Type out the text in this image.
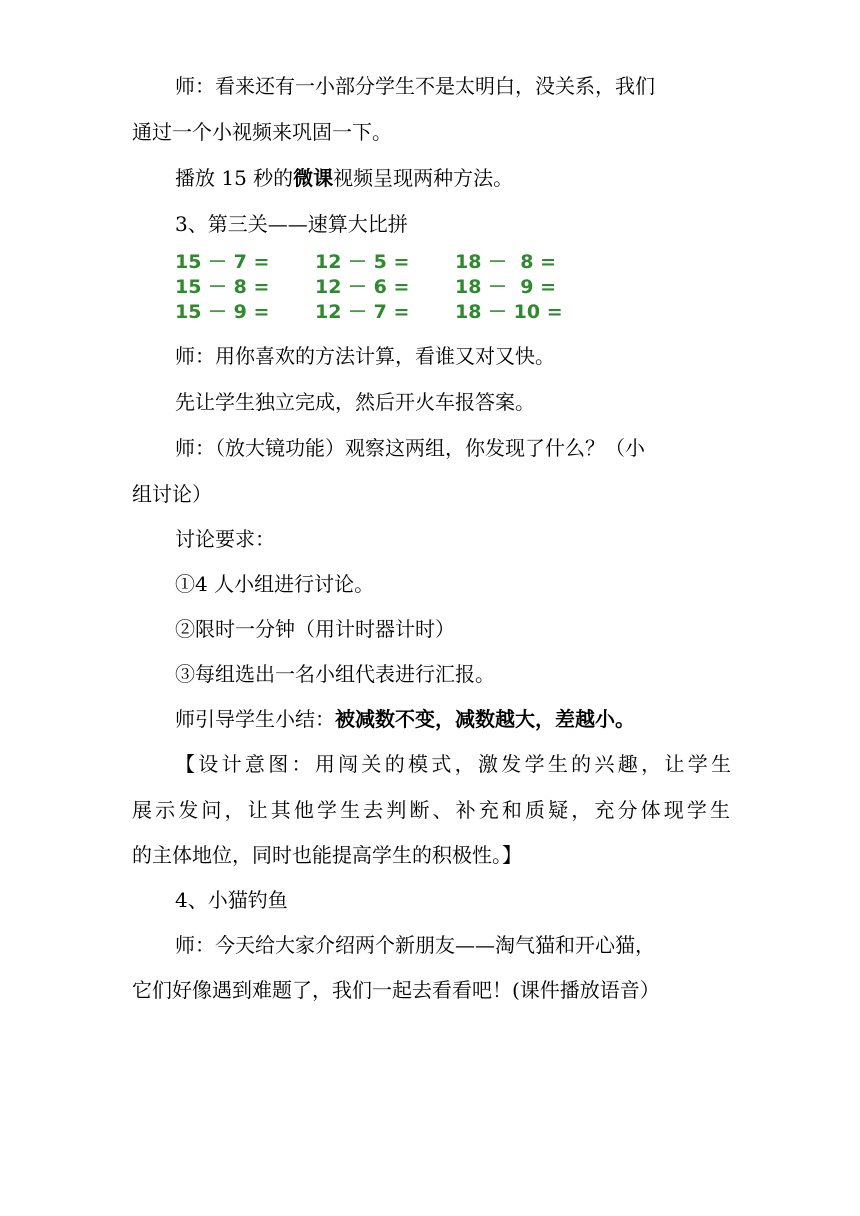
师：看来还有一小部分学生不是太明白，没关系，我们
通过一个小视频来巩固一下。
播放 15 秒的微课视频呈现两种方法。
3、第三关——速算大比拼
15 － 7 =
15 － 8 =
15 － 9 =
12 － 5 =
12 － 6 =
12 － 7 =
18 －  8 =
18 －  9 =
18 － 10 =
师：用你喜欢的方法计算，看谁又对又快。
先让学生独立完成，然后开火车报答案。
师：（放大镜功能）观察这两组，你发现了什么？（小
组讨论）
讨论要求：
①4 人小组进行讨论。
②限时一分钟（用计时器计时）
③每组选出一名小组代表进行汇报。
师引导学生小结：被减数不变，减数越大，差越小。
【设计意图：用闯关的模式，激发学生的兴趣，让学生
展示发问，让其他学生去判断、补充和质疑，充分体现学生
的主体地位，同时也能提高学生的积极性。】
4、小猫钓鱼
师：今天给大家介绍两个新朋友——淘气猫和开心猫，
它们好像遇到难题了，我们一起去看看吧！(课件播放语音）
